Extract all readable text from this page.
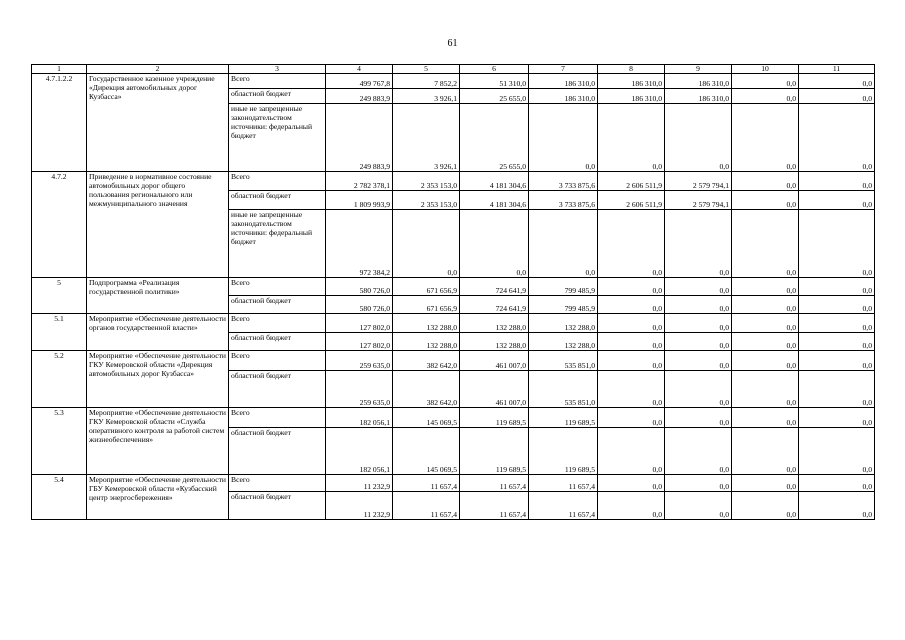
61
1	2	3	4	5	6	7	8	9	10	11
4.7.1.2.2	Государственное казенное учреждение «Дирекция автомобильных дорог Кузбасса»	Всего	499 767,8	7 852,2	51 310,0	186 310,0	186 310,0	186 310,0	0,0	0,0
		областной бюджет	249 883,9	3 926,1	25 655,0	186 310,0	186 310,0	186 310,0	0,0	0,0
		иные не запрещенные законодательством источники: федеральный бюджет	249 883,9	3 926,1	25 655,0	0,0	0,0	0,0	0,0	0,0
4.7.2	Приведение в нормативное состояние автомобильных дорог общего пользования регионального или межмуниципального значения	Всего	2 782 378,1	2 353 153,0	4 181 304,6	3 733 875,6	2 606 511,9	2 579 794,1	0,0	0,0
		областной бюджет	1 809 993,9	2 353 153,0	4 181 304,6	3 733 875,6	2 606 511,9	2 579 794,1	0,0	0,0
		иные не запрещенные законодательством источники: федеральный бюджет	972 384,2	0,0	0,0	0,0	0,0	0,0	0,0	0,0
5	Подпрограмма «Реализация государственной политики»	Всего	580 726,0	671 656,9	724 641,9	799 485,9	0,0	0,0	0,0	0,0
		областной бюджет	580 726,0	671 656,9	724 641,9	799 485,9	0,0	0,0	0,0	0,0
5.1	Мероприятие «Обеспечение деятельности органов государственной власти»	Всего	127 802,0	132 288,0	132 288,0	132 288,0	0,0	0,0	0,0	0,0
		областной бюджет	127 802,0	132 288,0	132 288,0	132 288,0	0,0	0,0	0,0	0,0
5.2	Мероприятие «Обеспечение деятельности ГКУ Кемеровской области «Дирекция автомобильных дорог Кузбасса»	Всего	259 635,0	382 642,0	461 007,0	535 851,0	0,0	0,0	0,0	0,0
		областной бюджет	259 635,0	382 642,0	461 007,0	535 851,0	0,0	0,0	0,0	0,0
5.3	Мероприятие «Обеспечение деятельности ГКУ Кемеровской области «Служба оперативного контроля за работой систем жизнеобеспечения»	Всего	182 056,1	145 069,5	119 689,5	119 689,5	0,0	0,0	0,0	0,0
		областной бюджет	182 056,1	145 069,5	119 689,5	119 689,5	0,0	0,0	0,0	0,0
5.4	Мероприятие «Обеспечение деятельности ГБУ Кемеровской области «Кузбасский центр энергосбережения»	Всего	11 232,9	11 657,4	11 657,4	11 657,4	0,0	0,0	0,0	0,0
		областной бюджет	11 232,9	11 657,4	11 657,4	11 657,4	0,0	0,0	0,0	0,0
